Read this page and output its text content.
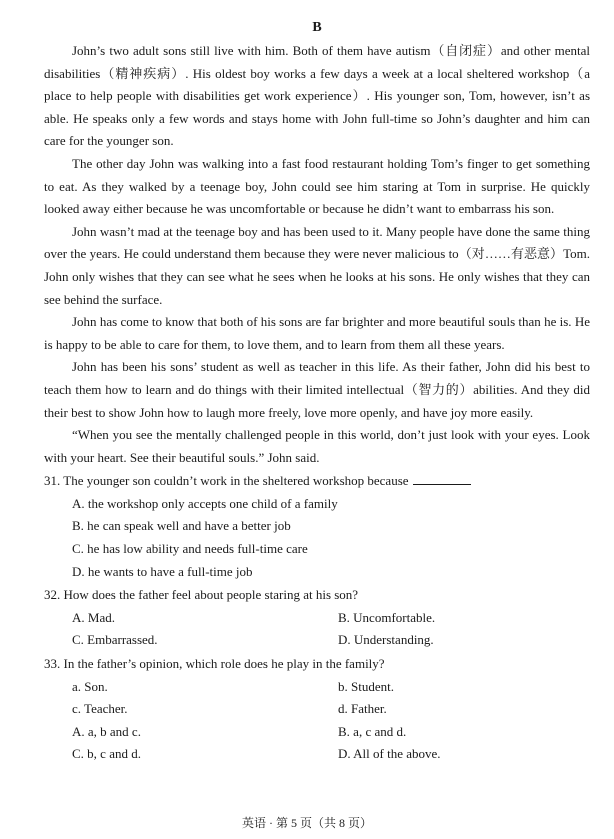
B

John’s two adult sons still live with him. Both of them have autism（自闭症）and other mental disabilities（精神疾病）. His oldest boy works a few days a week at a local sheltered workshop（a place to help people with disabilities get work experience）. His younger son, Tom, however, isn’t as able. He speaks only a few words and stays home with John full-time so John’s daughter and him can care for the younger son.

The other day John was walking into a fast food restaurant holding Tom’s finger to get something to eat. As they walked by a teenage boy, John could see him staring at Tom in surprise. He quickly looked away either because he was uncomfortable or because he didn’t want to embarrass his son.

John wasn’t mad at the teenage boy and has been used to it. Many people have done the same thing over the years. He could understand them because they were never malicious to（对……有恶意）Tom. John only wishes that they can see what he sees when he looks at his sons. He only wishes that they can see behind the surface.

John has come to know that both of his sons are far brighter and more beautiful souls than he is. He is happy to be able to care for them, to love them, and to learn from them all these years.

John has been his sons’ student as well as teacher in this life. As their father, John did his best to teach them how to learn and do things with their limited intellectual（智力的）abilities. And they did their best to show John how to laugh more freely, love more openly, and have joy more easily.

“When you see the mentally challenged people in this world, don’t just look with your eyes. Look with your heart. See their beautiful souls.” John said.

31. The younger son couldn’t work in the sheltered workshop because

A. the workshop only accepts one child of a family

B. he can speak well and have a better job

C. he has low ability and needs full-time care

D. he wants to have a full-time job

32. How does the father feel about people staring at his son?

A. Mad.	B. Uncomfortable.

C. Embarrassed.	D. Understanding.

33. In the father’s opinion, which role does he play in the family?

a. Son.	b. Student.

c. Teacher.	d. Father.

A. a, b and c.	B. a, c and d.

C. b, c and d.	D. All of the above.

英语 · 第 5 页（共 8 页）
